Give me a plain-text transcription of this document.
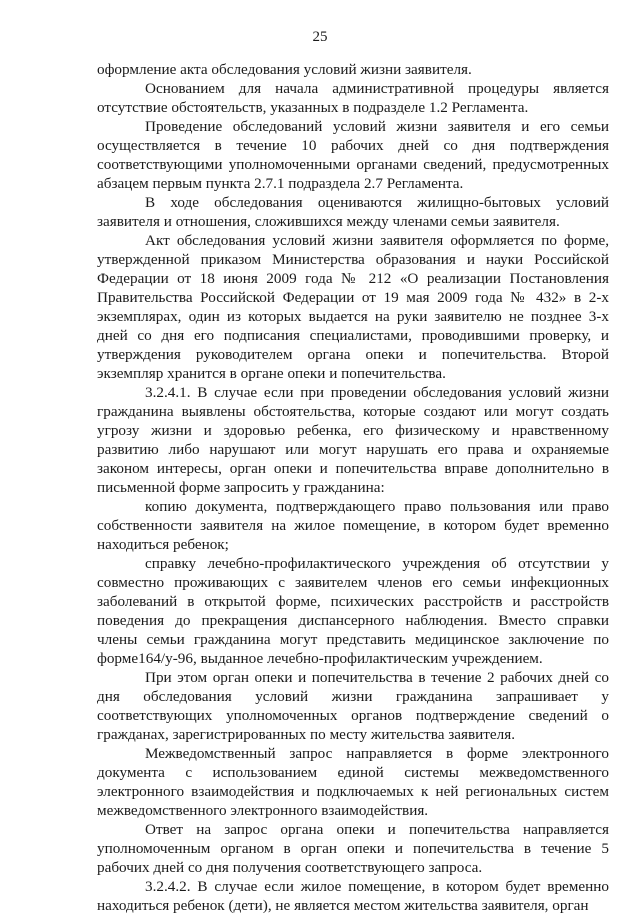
25

оформление акта обследования условий жизни заявителя.

Основанием для начала административной процедуры является отсутствие обстоятельств, указанных в подразделе 1.2 Регламента.

Проведение обследований условий жизни заявителя и его семьи осуществляется в течение 10 рабочих дней со дня подтверждения соответствующими уполномоченными органами сведений, предусмотренных абзацем первым пункта 2.7.1 подраздела 2.7 Регламента.

В ходе обследования оцениваются жилищно-бытовых условий заявителя и отношения, сложившихся между членами семьи заявителя.

Акт обследования условий жизни заявителя оформляется по форме, утвержденной приказом Министерства образования и науки Российской Федерации от 18 июня 2009 года № 212 «О реализации Постановления Правительства Российской Федерации от 19 мая 2009 года № 432» в 2-х экземплярах, один из которых выдается на руки заявителю не позднее 3-х дней со дня его подписания специалистами, проводившими проверку, и утверждения руководителем органа опеки и попечительства. Второй экземпляр хранится в органе опеки и попечительства.

3.2.4.1. В случае если при проведении обследования условий жизни гражданина выявлены обстоятельства, которые создают или могут создать угрозу жизни и здоровью ребенка, его физическому и нравственному развитию либо нарушают или могут нарушать его права и охраняемые законом интересы, орган опеки и попечительства вправе дополнительно в письменной форме запросить у гражданина:

копию документа, подтверждающего право пользования или право собственности заявителя на жилое помещение, в котором будет временно находиться ребенок;

справку лечебно-профилактического учреждения об отсутствии у совместно проживающих с заявителем членов его семьи инфекционных заболеваний в открытой форме, психических расстройств и расстройств поведения до прекращения диспансерного наблюдения. Вместо справки члены семьи гражданина могут представить медицинское заключение по форме164/у-96, выданное лечебно-профилактическим учреждением.

При этом орган опеки и попечительства в течение 2 рабочих дней со дня обследования условий жизни гражданина запрашивает у соответствующих уполномоченных органов подтверждение сведений о гражданах, зарегистрированных по месту жительства заявителя.

Межведомственный запрос направляется в форме электронного документа с использованием единой системы межведомственного электронного взаимодействия и подключаемых к ней региональных систем межведомственного электронного взаимодействия.

Ответ на запрос органа опеки и попечительства направляется уполномоченным органом в орган опеки и попечительства в течение 5 рабочих дней со дня получения соответствующего запроса.

3.2.4.2. В случае если жилое помещение, в котором будет временно находиться ребенок (дети), не является местом жительства заявителя, орган
